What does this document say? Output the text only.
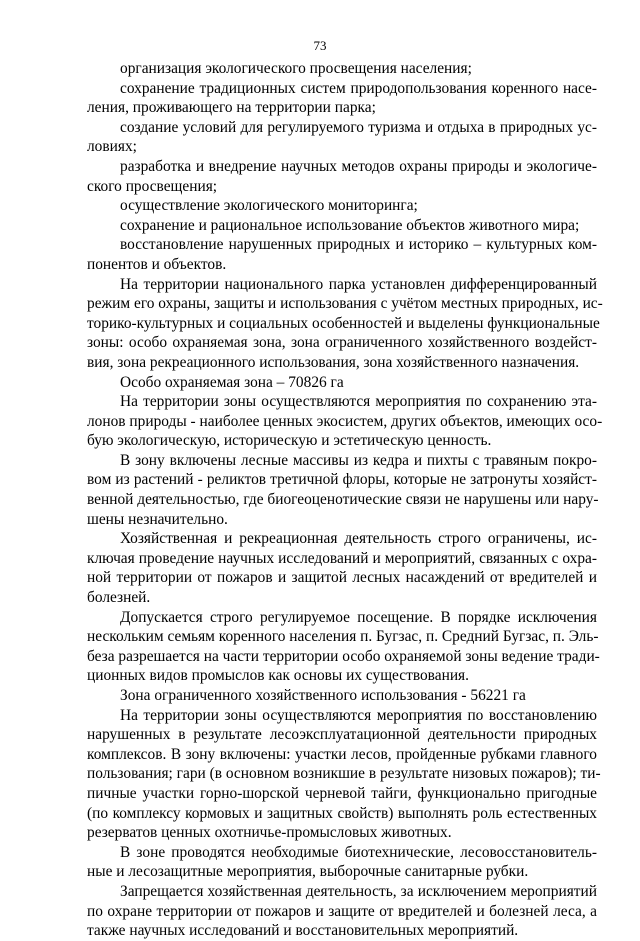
73
организация экологического просвещения населения;
сохранение традиционных систем природопользования коренного насе-
ления, проживающего на территории парка;
создание условий для регулируемого туризма и отдыха в природных ус-
ловиях;
разработка и внедрение научных методов охраны природы и экологиче-
ского просвещения;
осуществление экологического мониторинга;
сохранение и рациональное использование объектов животного мира;
восстановление нарушенных природных и историко – культурных ком-
понентов и объектов.
На территории национального парка установлен дифференцированный
режим его охраны, защиты и использования с учётом местных природных, ис-
торико-культурных и социальных особенностей и выделены функциональные
зоны: особо охраняемая зона, зона ограниченного хозяйственного воздейст-
вия, зона рекреационного использования, зона хозяйственного назначения.
Особо охраняемая зона – 70826 га
На территории зоны осуществляются мероприятия по сохранению эта-
лонов природы - наиболее ценных экосистем, других объектов, имеющих осо-
бую экологическую, историческую и эстетическую ценность.
В зону включены лесные массивы из кедра и пихты с травяным покро-
вом из растений - реликтов третичной флоры, которые не затронуты хозяйст-
венной деятельностью, где биогеоценотические связи не нарушены или нару-
шены незначительно.
Хозяйственная и рекреационная деятельность строго ограничены, ис-
ключая проведение научных исследований и мероприятий, связанных с охра-
ной территории от пожаров и защитой лесных насаждений от вредителей и
болезней.
Допускается строго регулируемое посещение. В порядке исключения
нескольким семьям коренного населения п. Бугзас, п. Средний Бугзас, п. Эль-
беза разрешается на части территории особо охраняемой зоны ведение тради-
ционных видов промыслов как основы их существования.
Зона ограниченного хозяйственного использования - 56221 га
На территории зоны осуществляются мероприятия по восстановлению
нарушенных в результате лесоэксплуатационной деятельности природных
комплексов. В зону включены: участки лесов, пройденные рубками главного
пользования; гари (в основном возникшие в результате низовых пожаров); ти-
пичные участки горно-шорской черневой тайги, функционально пригодные
(по комплексу кормовых и защитных свойств) выполнять роль естественных
резерватов ценных охотничье-промысловых животных.
В зоне проводятся необходимые биотехнические, лесовосстановитель-
ные и лесозащитные мероприятия, выборочные санитарные рубки.
Запрещается хозяйственная деятельность, за исключением мероприятий
по охране территории от пожаров и защите от вредителей и болезней леса, а
также научных исследований и восстановительных мероприятий.
